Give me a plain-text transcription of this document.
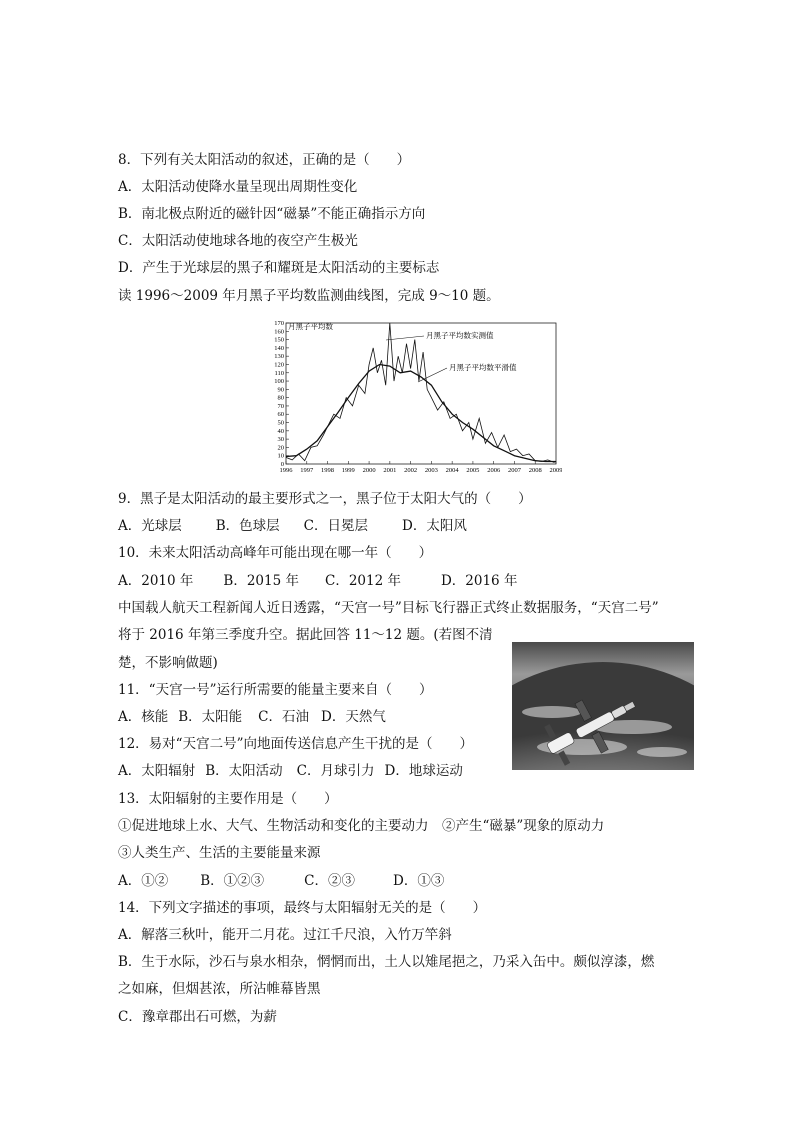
8．下列有关太阳活动的叙述，正确的是（　　）
A．太阳活动使降水量呈现出周期性变化
B．南北极点附近的磁针因“磁暴”不能正确指示方向
C．太阳活动使地球各地的夜空产生极光
D．产生于光球层的黑子和耀斑是太阳活动的主要标志
读 1996～2009 年月黑子平均数监测曲线图，完成 9～10 题。
0
10
20
30
40
50
60
70
80
90
100
110
120
130
140
150
160
170
1996 1997 1998 1999 2000 2001 2002 2003 2004 2005 2006 2007 2008 2009
月黑子平均数
月黑子平均数实测值
月黑子平均数平滑值
9．黑子是太阳活动的最主要形式之一，黑子位于太阳大气的（　　）
A．光球层	B．色球层 C．日冕层	D．太阳风
10．未来太阳活动高峰年可能出现在哪一年（　　）
A．2010 年 B．2015 年 C．2012 年	D．2016 年
中国载人航天工程新闻人近日透露，“天宫一号”目标飞行器正式终止数据服务，“天宫二号”
将于 2016 年第三季度升空。据此回答 11～12 题。(若图不清
楚，不影响做题)
11．“天宫一号”运行所需要的能量主要来自（　　）
A．核能 B．太阳能 C．石油 D．天然气
12．易对“天宫二号”向地面传送信息产生干扰的是（　　）
A．太阳辐射 B．太阳活动 C．月球引力 D．地球运动
13．太阳辐射的主要作用是（　　）
①促进地球上水、大气、生物活动和变化的主要动力　②产生“磁暴”现象的原动力
③人类生产、生活的主要能量来源
A．①② B．①②③	C．②③	D．①③
14．下列文字描述的事项，最终与太阳辐射无关的是（　　）
A．解落三秋叶，能开二月花。过江千尺浪，入竹万竿斜
B．生于水际，沙石与泉水相杂，惘惘而出，土人以雉尾挹之，乃采入缶中。颇似淳漆，燃
之如麻，但烟甚浓，所沾帷幕皆黑
C．豫章郡出石可燃，为薪
